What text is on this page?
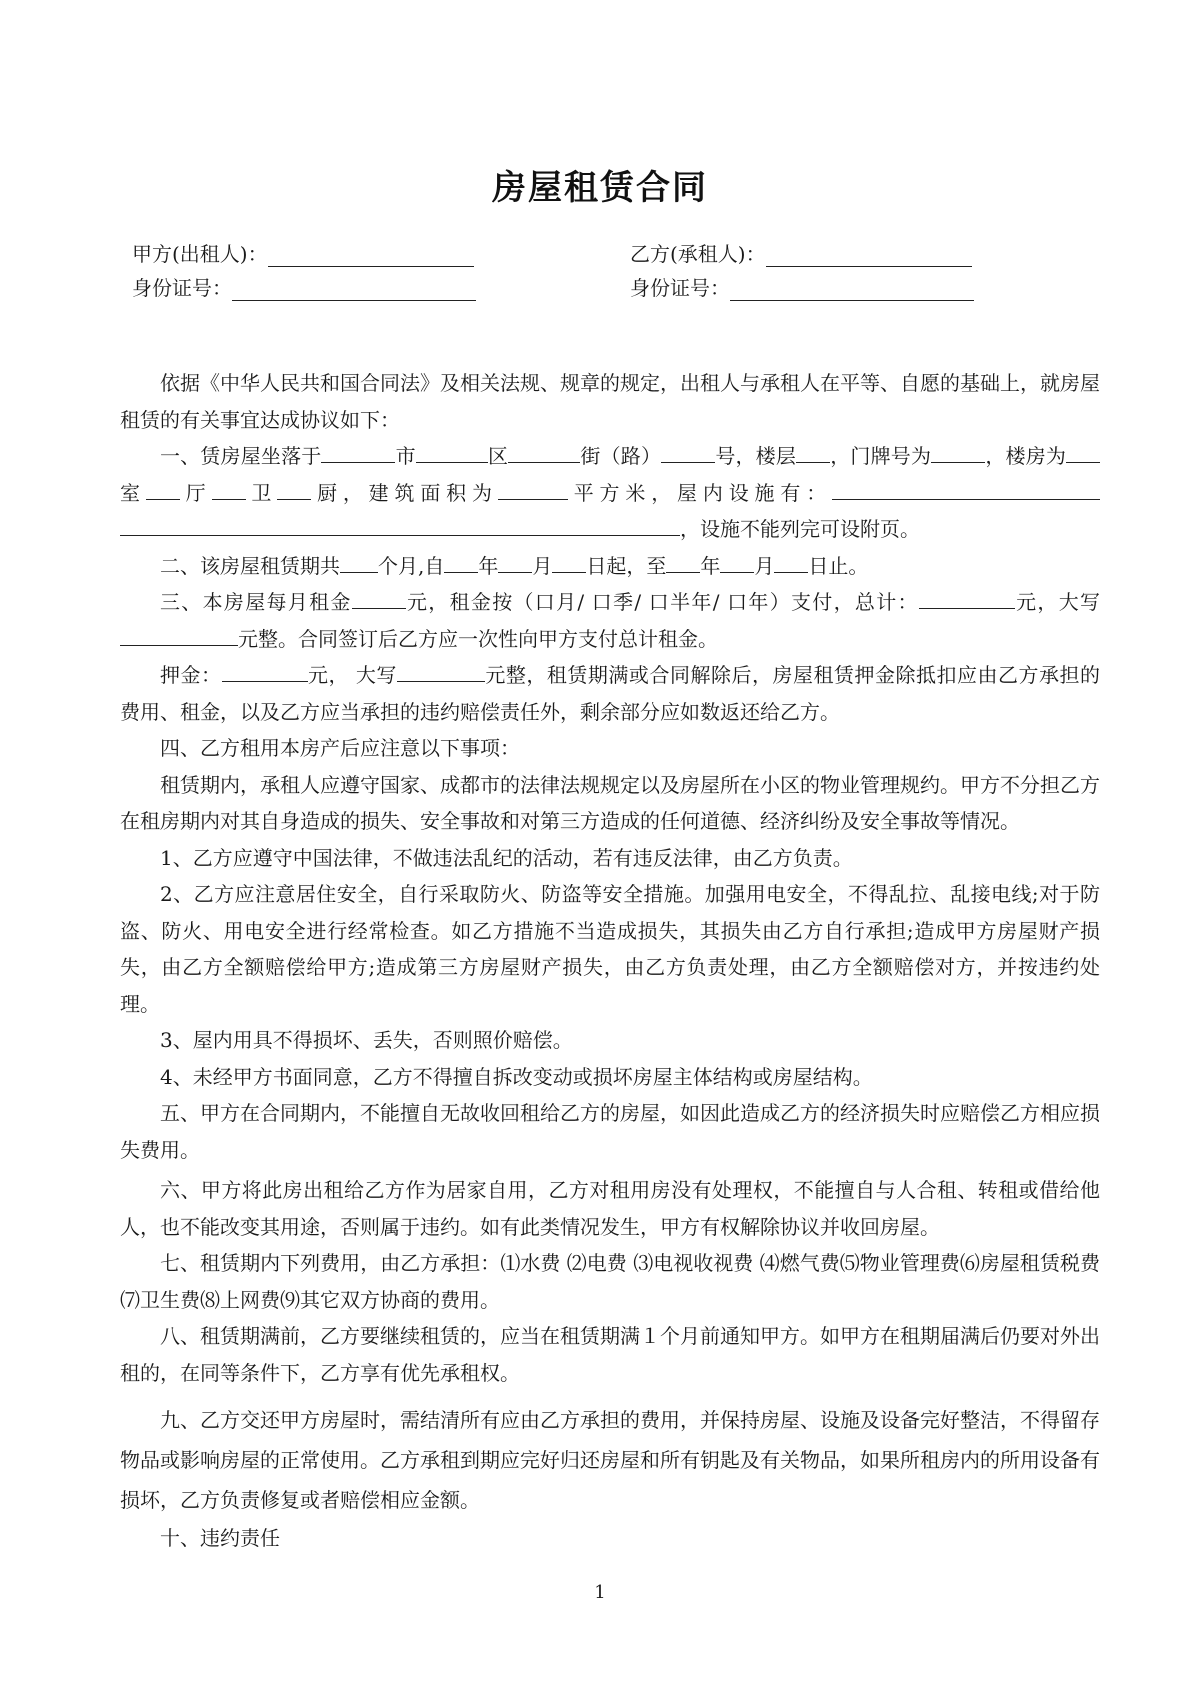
房屋租赁合同
甲方(出租人)：
身份证号：
乙方(承租人)：
身份证号：

依据《中华人民共和国合同法》及相关法规、规章的规定，出租人与承租人在平等、自愿的基础上，就房屋租赁的有关事宜达成协议如下：

一、赁房屋坐落于	市	区	街（路）	号，楼层 ，门牌号为	，楼房为室 厅 卫 厨，建筑面积为	平方米，屋内设施有：，设施不能列完可设附页。

二、该房屋租赁期共 个月,自 年 月 日起，至 年 月 日止。

三、本房屋每月租金	元，租金按（口月/ 口季/ 口半年/ 口年）支付，总计：	元，大写元整。合同签订后乙方应一次性向甲方支付总计租金。

押金：	元， 大写	元整，租赁期满或合同解除后，房屋租赁押金除抵扣应由乙方承担的费用、租金，以及乙方应当承担的违约赔偿责任外，剩余部分应如数返还给乙方。

四、乙方租用本房产后应注意以下事项：

租赁期内，承租人应遵守国家、成都市的法律法规规定以及房屋所在小区的物业管理规约。甲方不分担乙方在租房期内对其自身造成的损失、安全事故和对第三方造成的任何道德、经济纠纷及安全事故等情况。

1、乙方应遵守中国法律，不做违法乱纪的活动，若有违反法律，由乙方负责。

2、乙方应注意居住安全，自行采取防火、防盗等安全措施。加强用电安全，不得乱拉、乱接电线;对于防盗、防火、用电安全进行经常检查。如乙方措施不当造成损失，其损失由乙方自行承担;造成甲方房屋财产损失，由乙方全额赔偿给甲方;造成第三方房屋财产损失，由乙方负责处理，由乙方全额赔偿对方，并按违约处理。

3、屋内用具不得损坏、丢失，否则照价赔偿。

4、未经甲方书面同意，乙方不得擅自拆改变动或损坏房屋主体结构或房屋结构。

五、甲方在合同期内，不能擅自无故收回租给乙方的房屋，如因此造成乙方的经济损失时应赔偿乙方相应损失费用。

六、甲方将此房出租给乙方作为居家自用，乙方对租用房没有处理权，不能擅自与人合租、转租或借给他人，也不能改变其用途，否则属于违约。如有此类情况发生，甲方有权解除协议并收回房屋。

七、租赁期内下列费用，由乙方承担：⑴水费 ⑵电费 ⑶电视收视费 ⑷燃气费⑸物业管理费⑹房屋租赁税费⑺卫生费⑻上网费⑼其它双方协商的费用。

八、租赁期满前，乙方要继续租赁的，应当在租赁期满１个月前通知甲方。如甲方在租期届满后仍要对外出租的，在同等条件下，乙方享有优先承租权。

九、乙方交还甲方房屋时，需结清所有应由乙方承担的费用，并保持房屋、设施及设备完好整洁，不得留存物品或影响房屋的正常使用。乙方承租到期应完好归还房屋和所有钥匙及有关物品，如果所租房内的所用设备有损坏，乙方负责修复或者赔偿相应金额。

十、违约责任

1
